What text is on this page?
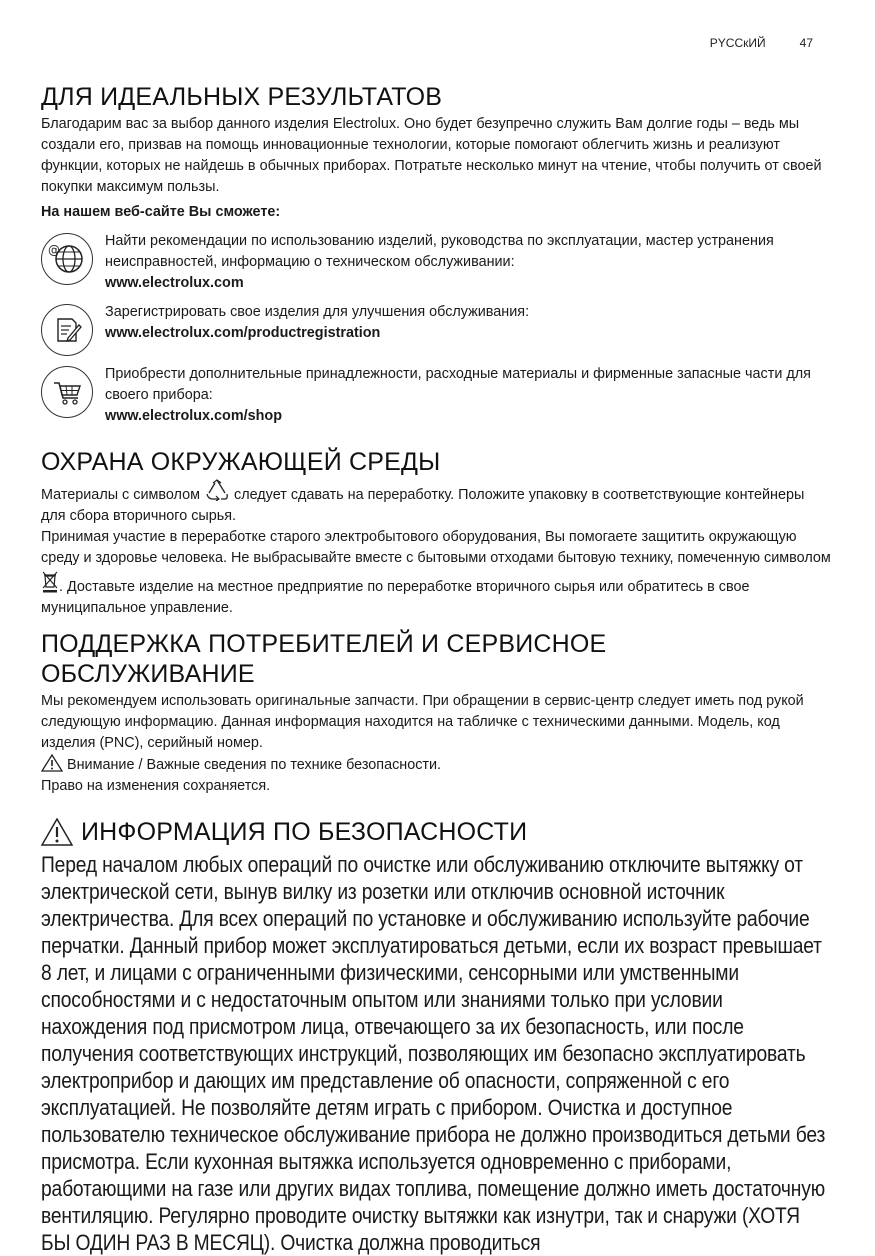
PYCCкИЙ	47
ДЛЯ ИДЕАЛЬНЫХ РЕЗУЛЬТАТОВ

Благодарим вас за выбор данного изделия Electrolux. Оно будет безупречно служить Вам долгие годы – ведь мы создали его, призвав на помощь инновационные технологии, которые помогают облегчить жизнь и реализуют функции, которых не найдешь в обычных приборах. Потратьте несколько минут на чтение, чтобы получить от своей покупки максимум пользы.

На нашем веб-сайте Вы сможете:

@

Найти рекомендации по использованию изделий, руководства по эксплуатации, мастер устранения неисправностей, информацию о техническом обслуживании:

www.electrolux.com

Зарегистрировать свое изделия для улучшения обслуживания:

www.electrolux.com/productregistration

Приобрести дополнительные принадлежности, расходные материалы и фирменные запасные части для своего прибора:

www.electrolux.com/shop

ОХРАНА ОКРУЖАЮЩЕЙ СРЕДЫ

Материалы с символом следует сдавать на переработку. Положите упаковку в соответствующие контейнеры для сбора вторичного сырья.

Принимая участие в переработке старого электробытового оборудования, Вы помогаете защитить окружающую среду и здоровье человека. Не выбрасывайте вместе с бытовыми отходами бытовую технику, помеченную символом . Доставьте изделие на местное предприятие по переработке вторичного сырья или обратитесь в свое муниципальное управление.

ПОДДЕРЖКА ПОТРЕБИТЕЛЕЙ И СЕРВИСНОЕ ОБСЛУЖИВАНИЕ

Мы рекомендуем использовать оригинальные запчасти. При обращении в сервис-центр следует иметь под рукой следующую информацию. Данная информация находится на табличке с техническими данными. Модель, код изделия (PNC), серийный номер.

Внимание / Важные сведения по технике безопасности.

Право на изменения сохраняется.

ИНФОРМАЦИЯ ПО БЕЗОПАСНОСТИ
Перед началом любых операций по очистке или обслуживанию отключите вытяжку от электрической сети, вынув вилку из розетки или отключив основной источник электричества. Для всех операций по установке и обслуживанию используйте рабочие перчатки. Данный прибор может эксплуатироваться детьми, если их возраст превышает 8 лет, и лицами с ограниченными физическими, сенсорными или умственными способностями и с недостаточным опытом или знаниями только при условии нахождения под присмотром лица, отвечающего за их безопасность, или после получения соответствующих инструкций, позволяющих им безопасно эксплуатировать электроприбор и дающих им представление об опасности, сопряженной с его эксплуатацией. Не позволяйте детям играть с прибором. Очистка и доступное пользователю техническое обслуживание прибора не должно производиться детьми без присмотра. Если кухонная вытяжка используется одновременно с приборами, работающими на газе или других видах топлива, помещение должно иметь достаточную вентиляцию. Регулярно проводите очистку вытяжки как изнутри, так и снаружи (ХОТЯ БЫ ОДИН РАЗ В МЕСЯЦ). Очистка должна проводиться
